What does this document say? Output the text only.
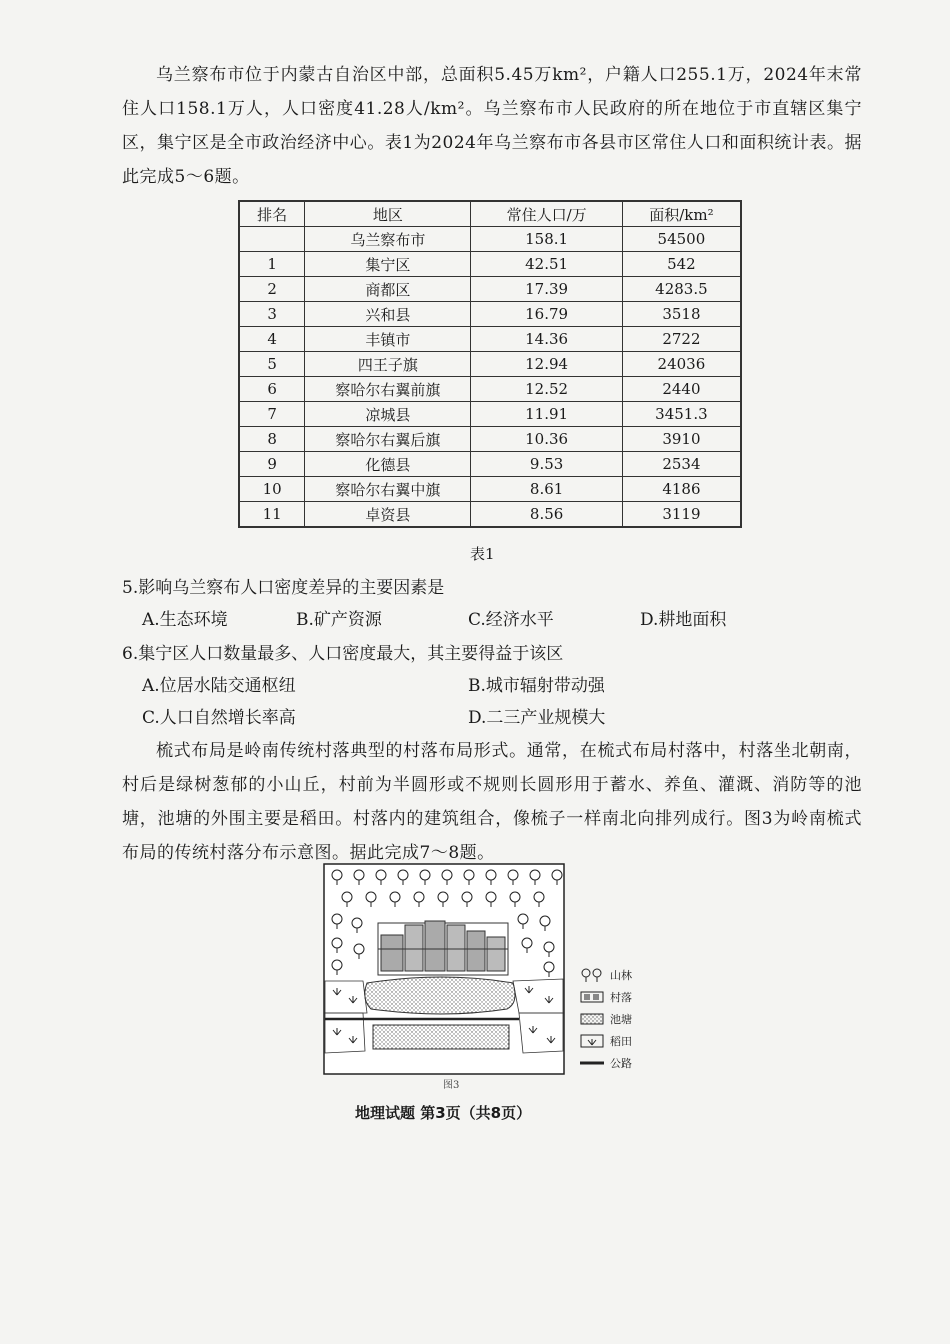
乌兰察布市位于内蒙古自治区中部，总面积5.45万km²，户籍人口255.1万，2024年末常住人口158.1万人，人口密度41.28人/km²。乌兰察布市人民政府的所在地位于市直辖区集宁区，集宁区是全市政治经济中心。表1为2024年乌兰察布市各县市区常住人口和面积统计表。据此完成5～6题。

排名	地区	常住人口/万	面积/km²
	乌兰察布市	158.1	54500
1	集宁区	42.51	542
2	商都区	17.39	4283.5
3	兴和县	16.79	3518
4	丰镇市	14.36	2722
5	四王子旗	12.94	24036
6	察哈尔右翼前旗	12.52	2440
7	凉城县	11.91	3451.3
8	察哈尔右翼后旗	10.36	3910
9	化德县	9.53	2534
10	察哈尔右翼中旗	8.61	4186
11	卓资县	8.56	3119
表1

5.影响乌兰察布人口密度差异的主要因素是

A.生态环境	B.矿产资源	C.经济水平	D.耕地面积

6.集宁区人口数量最多、人口密度最大，其主要得益于该区

A.位居水陆交通枢纽	B.城市辐射带动强
C.人口自然增长率高	D.二三产业规模大

梳式布局是岭南传统村落典型的村落布局形式。通常，在梳式布局村落中，村落坐北朝南，村后是绿树葱郁的小山丘，村前为半圆形或不规则长圆形用于蓄水、养鱼、灌溉、消防等的池塘，池塘的外围主要是稻田。村落内的建筑组合，像梳子一样南北向排列成行。图3为岭南梳式布局的传统村落分布示意图。据此完成7～8题。

山林
村落
池塘
稻田
公路
图3
地理试题 第3页（共8页）
